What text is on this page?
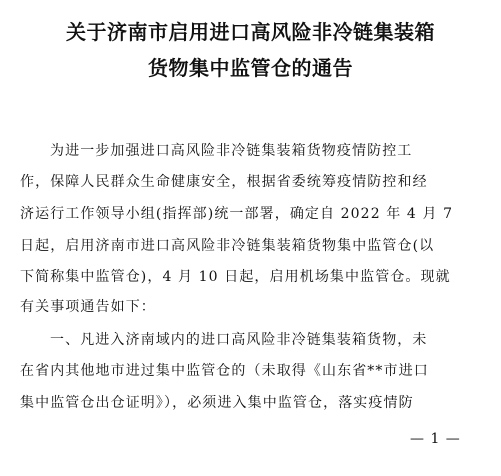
关于济南市启用进口高风险非冷链集装箱
货物集中监管仓的通告
为进一步加强进口高风险非冷链集装箱货物疫情防控工
作，保障人民群众生命健康安全，根据省委统筹疫情防控和经
济运行工作领导小组(指挥部)统一部署，确定自 2022 年 4 月 7
日起，启用济南市进口高风险非冷链集装箱货物集中监管仓(以
下简称集中监管仓)，4 月 10 日起，启用机场集中监管仓。现就
有关事项通告如下：
一、凡进入济南域内的进口高风险非冷链集装箱货物，未
在省内其他地市进过集中监管仓的（未取得《山东省**市进口
集中监管仓出仓证明》），必须进入集中监管仓，落实疫情防
— 1 —
